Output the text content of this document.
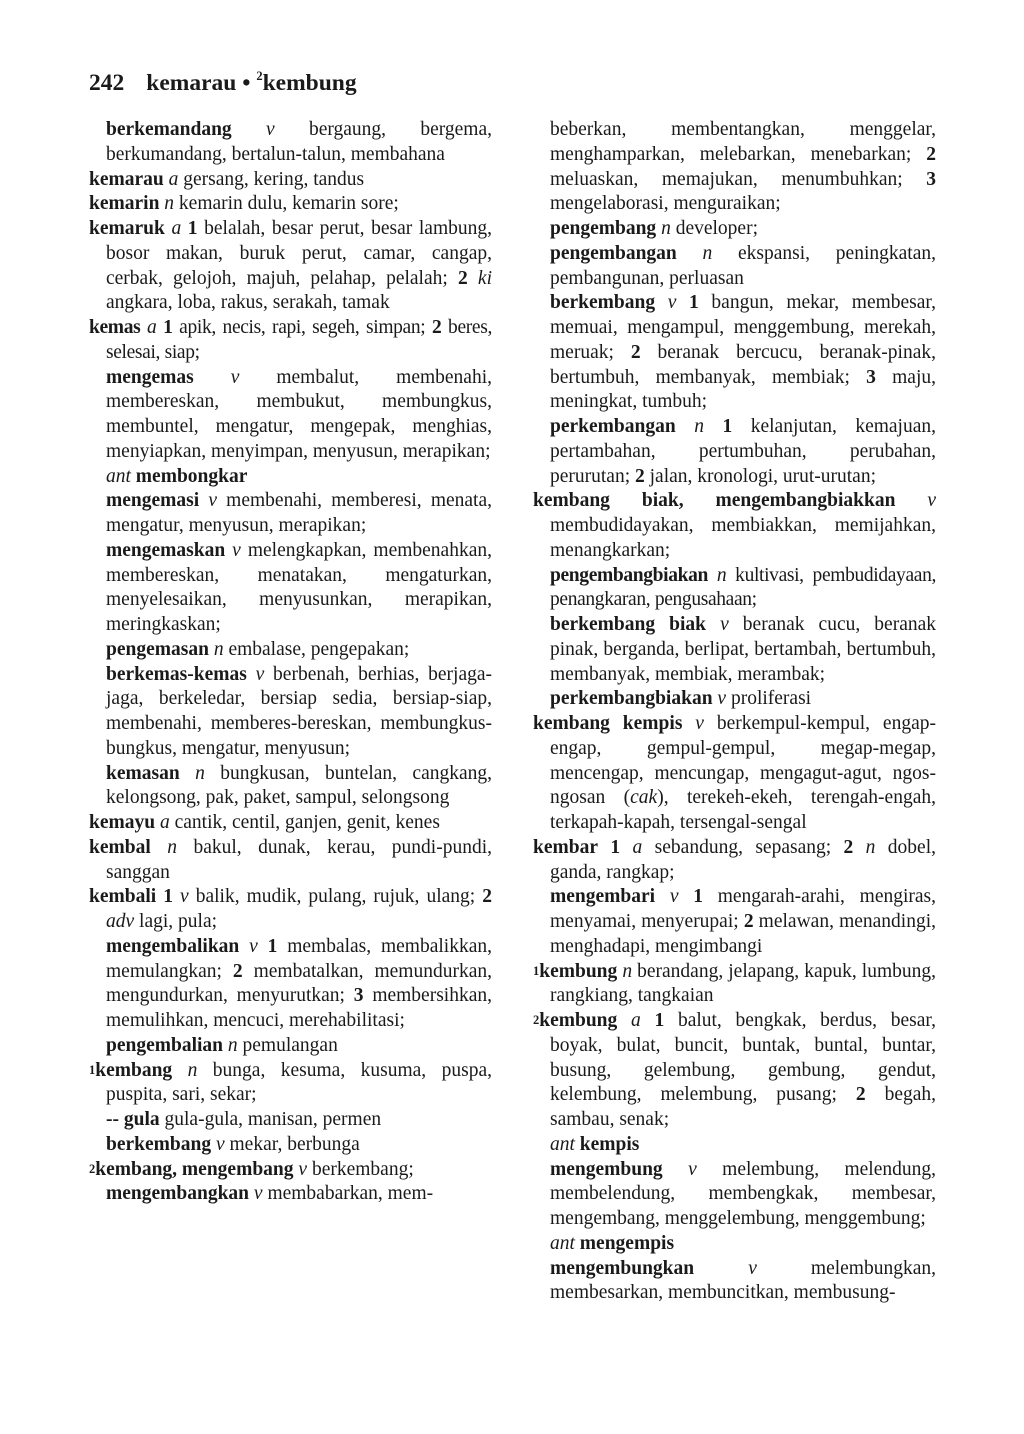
242 kemarau • $^2$kembung
berkemandang v bergaung, bergema, berkumandang, bertalun-talun, membahana
kemarau a gersang, kering, tandus
kemarin n kemarin dulu, kemarin sore;
kemaruk a 1 belalah, besar perut, besar lambung, bosor makan, buruk perut, camar, cangap, cerbak, gelojoh, majuh, pelahap, pelalah; 2 ki angkara, loba, rakus, serakah, tamak
kemas a 1 apik, necis, rapi, segeh, simpan; 2 beres, selesai, siap;
mengemas v membalut, membenahi, membereskan, membukut, membungkus, membuntel, mengatur, mengepak, menghias, menyiapkan, menyimpan, menyusun, merapikan;
ant membongkar
mengemasi v membenahi, memberesi, menata, mengatur, menyusun, merapikan;
mengemaskan v melengkapkan, membenahkan, membereskan, menatakan, mengaturkan, menyelesaikan, menyusunkan, merapikan, meringkaskan;
pengemasan n embalase, pengepakan;
berkemas-kemas v berbenah, berhias, berjaga-jaga, berkeledar, bersiap sedia, bersiap-siap, membenahi, memberes-bereskan, membungkus-bungkus, mengatur, menyusun;
kemasan n bungkusan, buntelan, cangkang, kelongsong, pak, paket, sampul, selongsong
kemayu a cantik, centil, ganjen, genit, kenes
kembal n bakul, dunak, kerau, pundi-pundi, sanggan
kembali 1 v balik, mudik, pulang, rujuk, ulang; 2 adv lagi, pula;
mengembalikan v 1 membalas, membalikkan, memulangkan; 2 membatalkan, memundurkan, mengundurkan, menyurutkan; 3 membersihkan, memulihkan, mencuci, merehabilitasi;
pengembalian n pemulangan
$^1$kembang n bunga, kesuma, kusuma, puspa, puspita, sari, sekar;
-- gula gula-gula, manisan, permen
berkembang v mekar, berbunga
$^2$kembang, mengembang v berkembang;
mengembangkan v membabarkan, mem-
beberkan, membentangkan, menggelar, menghamparkan, melebarkan, menebarkan; 2 meluaskan, memajukan, menumbuhkan; 3 mengelaborasi, menguraikan;
pengembang n developer;
pengembangan n ekspansi, peningkatan, pembangunan, perluasan
berkembang v 1 bangun, mekar, membesar, memuai, mengampul, menggembung, merekah, meruak; 2 beranak bercucu, beranak-pinak, bertumbuh, membanyak, membiak; 3 maju, meningkat, tumbuh;
perkembangan n 1 kelanjutan, kemajuan, pertambahan, pertumbuhan, perubahan, perurutan; 2 jalan, kronologi, urut-urutan;
kembang biak, mengembangbiakkan v membudidayakan, membiakkan, memijahkan, menangkarkan;
pengembangbiakan n kultivasi, pembudidayaan, penangkaran, pengusahaan;
berkembang biak v beranak cucu, beranak pinak, berganda, berlipat, bertambah, bertumbuh, membanyak, membiak, merambak;
perkembangbiakan v proliferasi
kembang kempis v berkempul-kempul, engap-engap, gempul-gempul, megap-megap, mencengap, mencungap, mengagut-agut, ngos-ngosan (cak), terekeh-ekeh, terengah-engah, terkapah-kapah, tersengal-sengal
kembar 1 a sebandung, sepasang; 2 n dobel, ganda, rangkap;
mengembari v 1 mengarah-arahi, mengiras, menyamai, menyerupai; 2 melawan, menandingi, menghadapi, mengimbangi
$^1$kembung n berandang, jelapang, kapuk, lumbung, rangkiang, tangkaian
$^2$kembung a 1 balut, bengkak, berdus, besar, boyak, bulat, buncit, buntak, buntal, buntar, busung, gelembung, gembung, gendut, kelembung, melembung, pusang; 2 begah, sambau, senak;
ant kempis
mengembung v melembung, melendung, membelendung, membengkak, membesar, mengembang, menggelembung, menggembung;
ant mengempis
mengembungkan	v melembungkan, membesarkan, membuncitkan, membusung-
